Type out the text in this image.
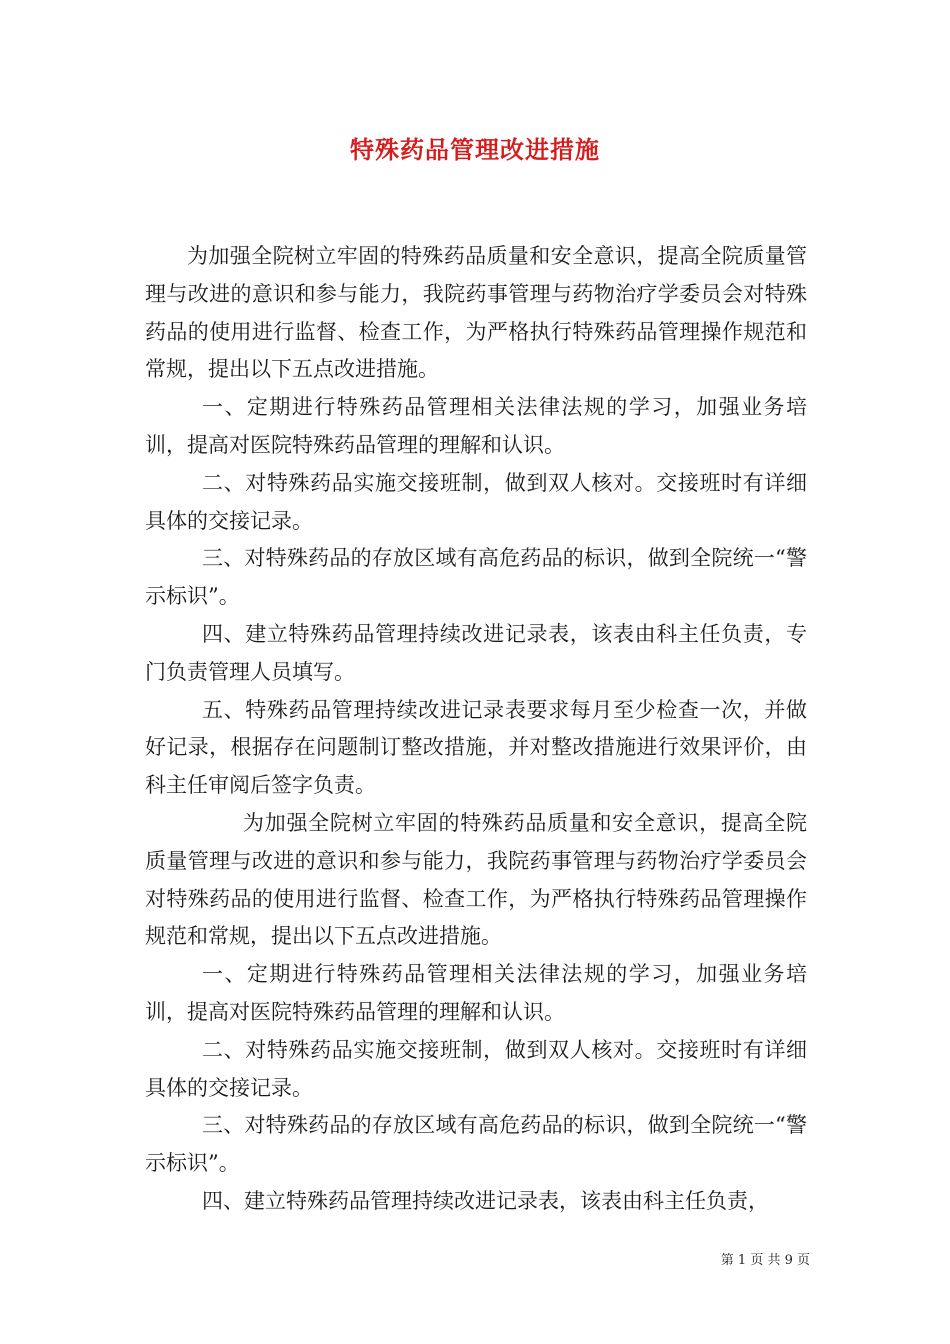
特殊药品管理改进措施

为加强全院树立牢固的特殊药品质量和安全意识，提高全院质量管理与改进的意识和参与能力，我院药事管理与药物治疗学委员会对特殊药品的使用进行监督、检查工作，为严格执行特殊药品管理操作规范和常规，提出以下五点改进措施。

一、定期进行特殊药品管理相关法律法规的学习，加强业务培训，提高对医院特殊药品管理的理解和认识。

二、对特殊药品实施交接班制，做到双人核对。交接班时有详细具体的交接记录。

三、对特殊药品的存放区域有高危药品的标识，做到全院统一“警示标识”。

四、建立特殊药品管理持续改进记录表，该表由科主任负责，专门负责管理人员填写。

五、特殊药品管理持续改进记录表要求每月至少检查一次，并做好记录，根据存在问题制订整改措施，并对整改措施进行效果评价，由科主任审阅后签字负责。

为加强全院树立牢固的特殊药品质量和安全意识，提高全院质量管理与改进的意识和参与能力，我院药事管理与药物治疗学委员会对特殊药品的使用进行监督、检查工作，为严格执行特殊药品管理操作规范和常规，提出以下五点改进措施。

一、定期进行特殊药品管理相关法律法规的学习，加强业务培训，提高对医院特殊药品管理的理解和认识。

二、对特殊药品实施交接班制，做到双人核对。交接班时有详细具体的交接记录。

三、对特殊药品的存放区域有高危药品的标识，做到全院统一“警示标识”。

四、建立特殊药品管理持续改进记录表，该表由科主任负责，

第 1 页 共 9 页
